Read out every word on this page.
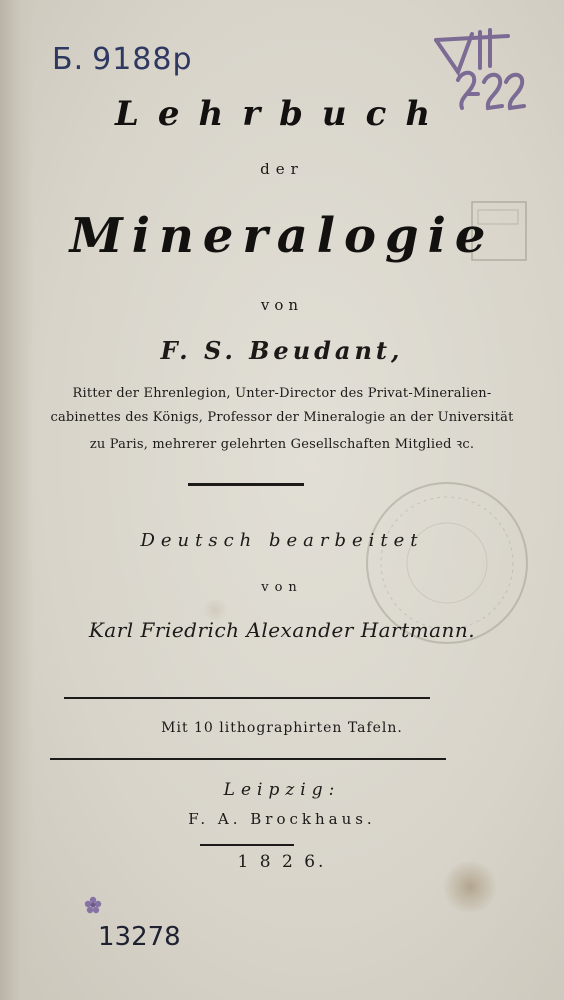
Б. 9188р
Lehrbuch
der
Mineralogie
von
F. S. Beudant,
Ritter der Ehrenlegion, Unter-Director des Privat-Mineralien-
cabinettes des Königs, Professor der Mineralogie an der Universität
zu Paris, mehrerer gelehrten Gesellschaften Mitglied ꝛc.
Deutsch bearbeitet
von
Karl Friedrich Alexander Hartmann.
Mit 10 lithographirten Tafeln.
Leipzig:
F. A. Brockhaus.
1 8 2 6.
13278
